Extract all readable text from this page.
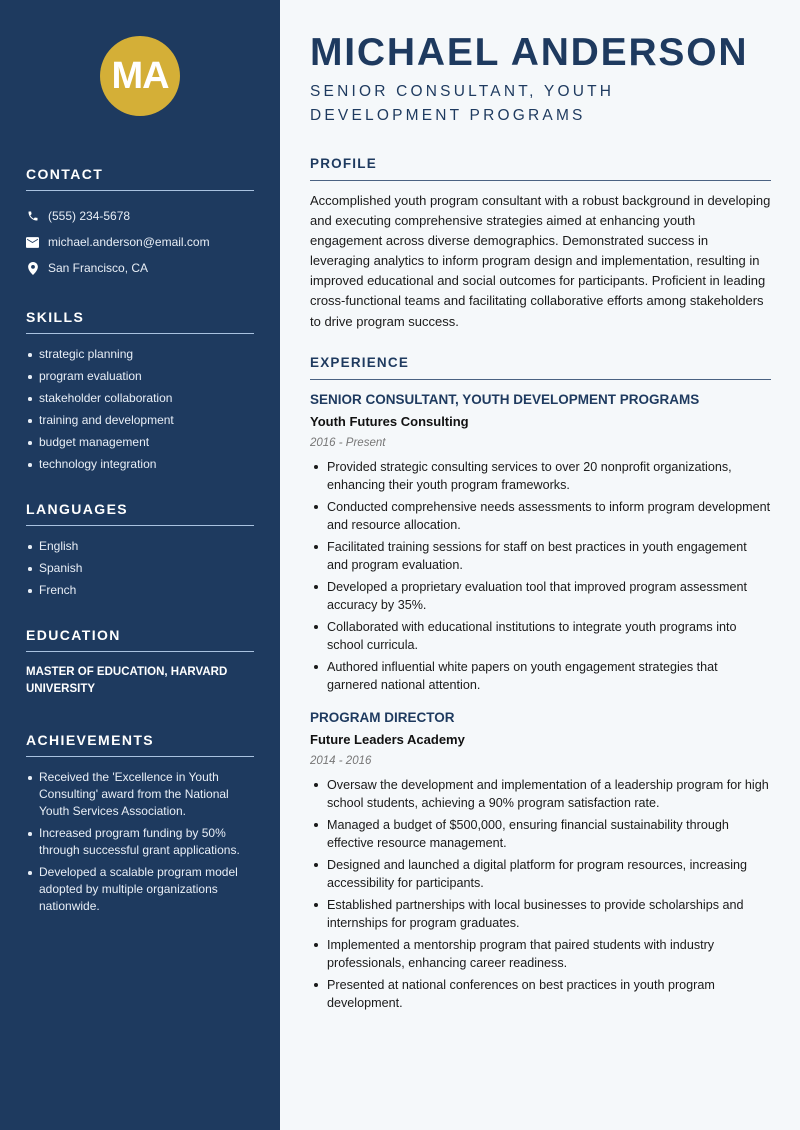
MA
CONTACT
(555) 234-5678
michael.anderson@email.com
San Francisco, CA
SKILLS
strategic planning
program evaluation
stakeholder collaboration
training and development
budget management
technology integration
LANGUAGES
English
Spanish
French
EDUCATION
MASTER OF EDUCATION, HARVARD UNIVERSITY
ACHIEVEMENTS
Received the 'Excellence in Youth Consulting' award from the National Youth Services Association.
Increased program funding by 50% through successful grant applications.
Developed a scalable program model adopted by multiple organizations nationwide.
MICHAEL ANDERSON
SENIOR CONSULTANT, YOUTH DEVELOPMENT PROGRAMS
PROFILE

Accomplished youth program consultant with a robust background in developing and executing comprehensive strategies aimed at enhancing youth engagement across diverse demographics. Demonstrated success in leveraging analytics to inform program design and implementation, resulting in improved educational and social outcomes for participants. Proficient in leading cross-functional teams and facilitating collaborative efforts among stakeholders to drive program success.

EXPERIENCE
SENIOR CONSULTANT, YOUTH DEVELOPMENT PROGRAMS
Youth Futures Consulting
2016 - Present
Provided strategic consulting services to over 20 nonprofit organizations, enhancing their youth program frameworks.
Conducted comprehensive needs assessments to inform program development and resource allocation.
Facilitated training sessions for staff on best practices in youth engagement and program evaluation.
Developed a proprietary evaluation tool that improved program assessment accuracy by 35%.
Collaborated with educational institutions to integrate youth programs into school curricula.
Authored influential white papers on youth engagement strategies that garnered national attention.
PROGRAM DIRECTOR
Future Leaders Academy
2014 - 2016
Oversaw the development and implementation of a leadership program for high school students, achieving a 90% program satisfaction rate.
Managed a budget of $500,000, ensuring financial sustainability through effective resource management.
Designed and launched a digital platform for program resources, increasing accessibility for participants.
Established partnerships with local businesses to provide scholarships and internships for program graduates.
Implemented a mentorship program that paired students with industry professionals, enhancing career readiness.
Presented at national conferences on best practices in youth program development.
